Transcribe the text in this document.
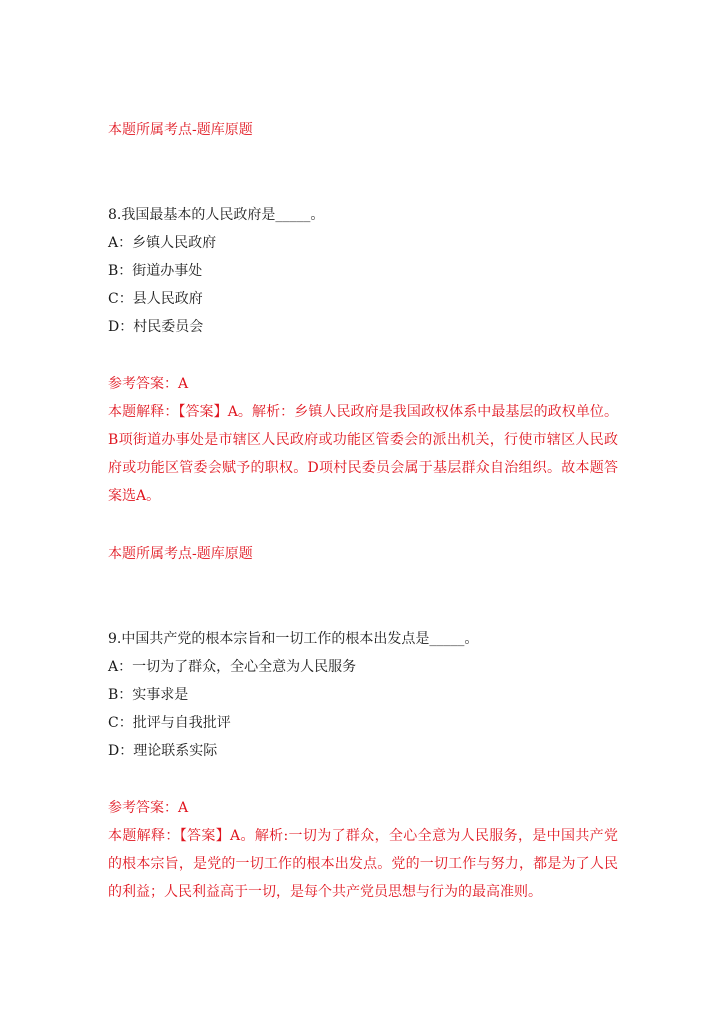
本题所属考点-题库原题
8.我国最基本的人民政府是_____。
A：乡镇人民政府
B：街道办事处
C：县人民政府
D：村民委员会
参考答案：A
本题解释：【答案】A。解析：乡镇人民政府是我国政权体系中最基层的政权单位。B项街道办事处是市辖区人民政府或功能区管委会的派出机关，行使市辖区人民政府或功能区管委会赋予的职权。D项村民委员会属于基层群众自治组织。故本题答案选A。
本题所属考点-题库原题
9.中国共产党的根本宗旨和一切工作的根本出发点是_____。
A：一切为了群众，全心全意为人民服务
B：实事求是
C：批评与自我批评
D：理论联系实际
参考答案：A
本题解释：【答案】A。解析:一切为了群众，全心全意为人民服务，是中国共产党的根本宗旨，是党的一切工作的根本出发点。党的一切工作与努力，都是为了人民的利益；人民利益高于一切，是每个共产党员思想与行为的最高准则。
